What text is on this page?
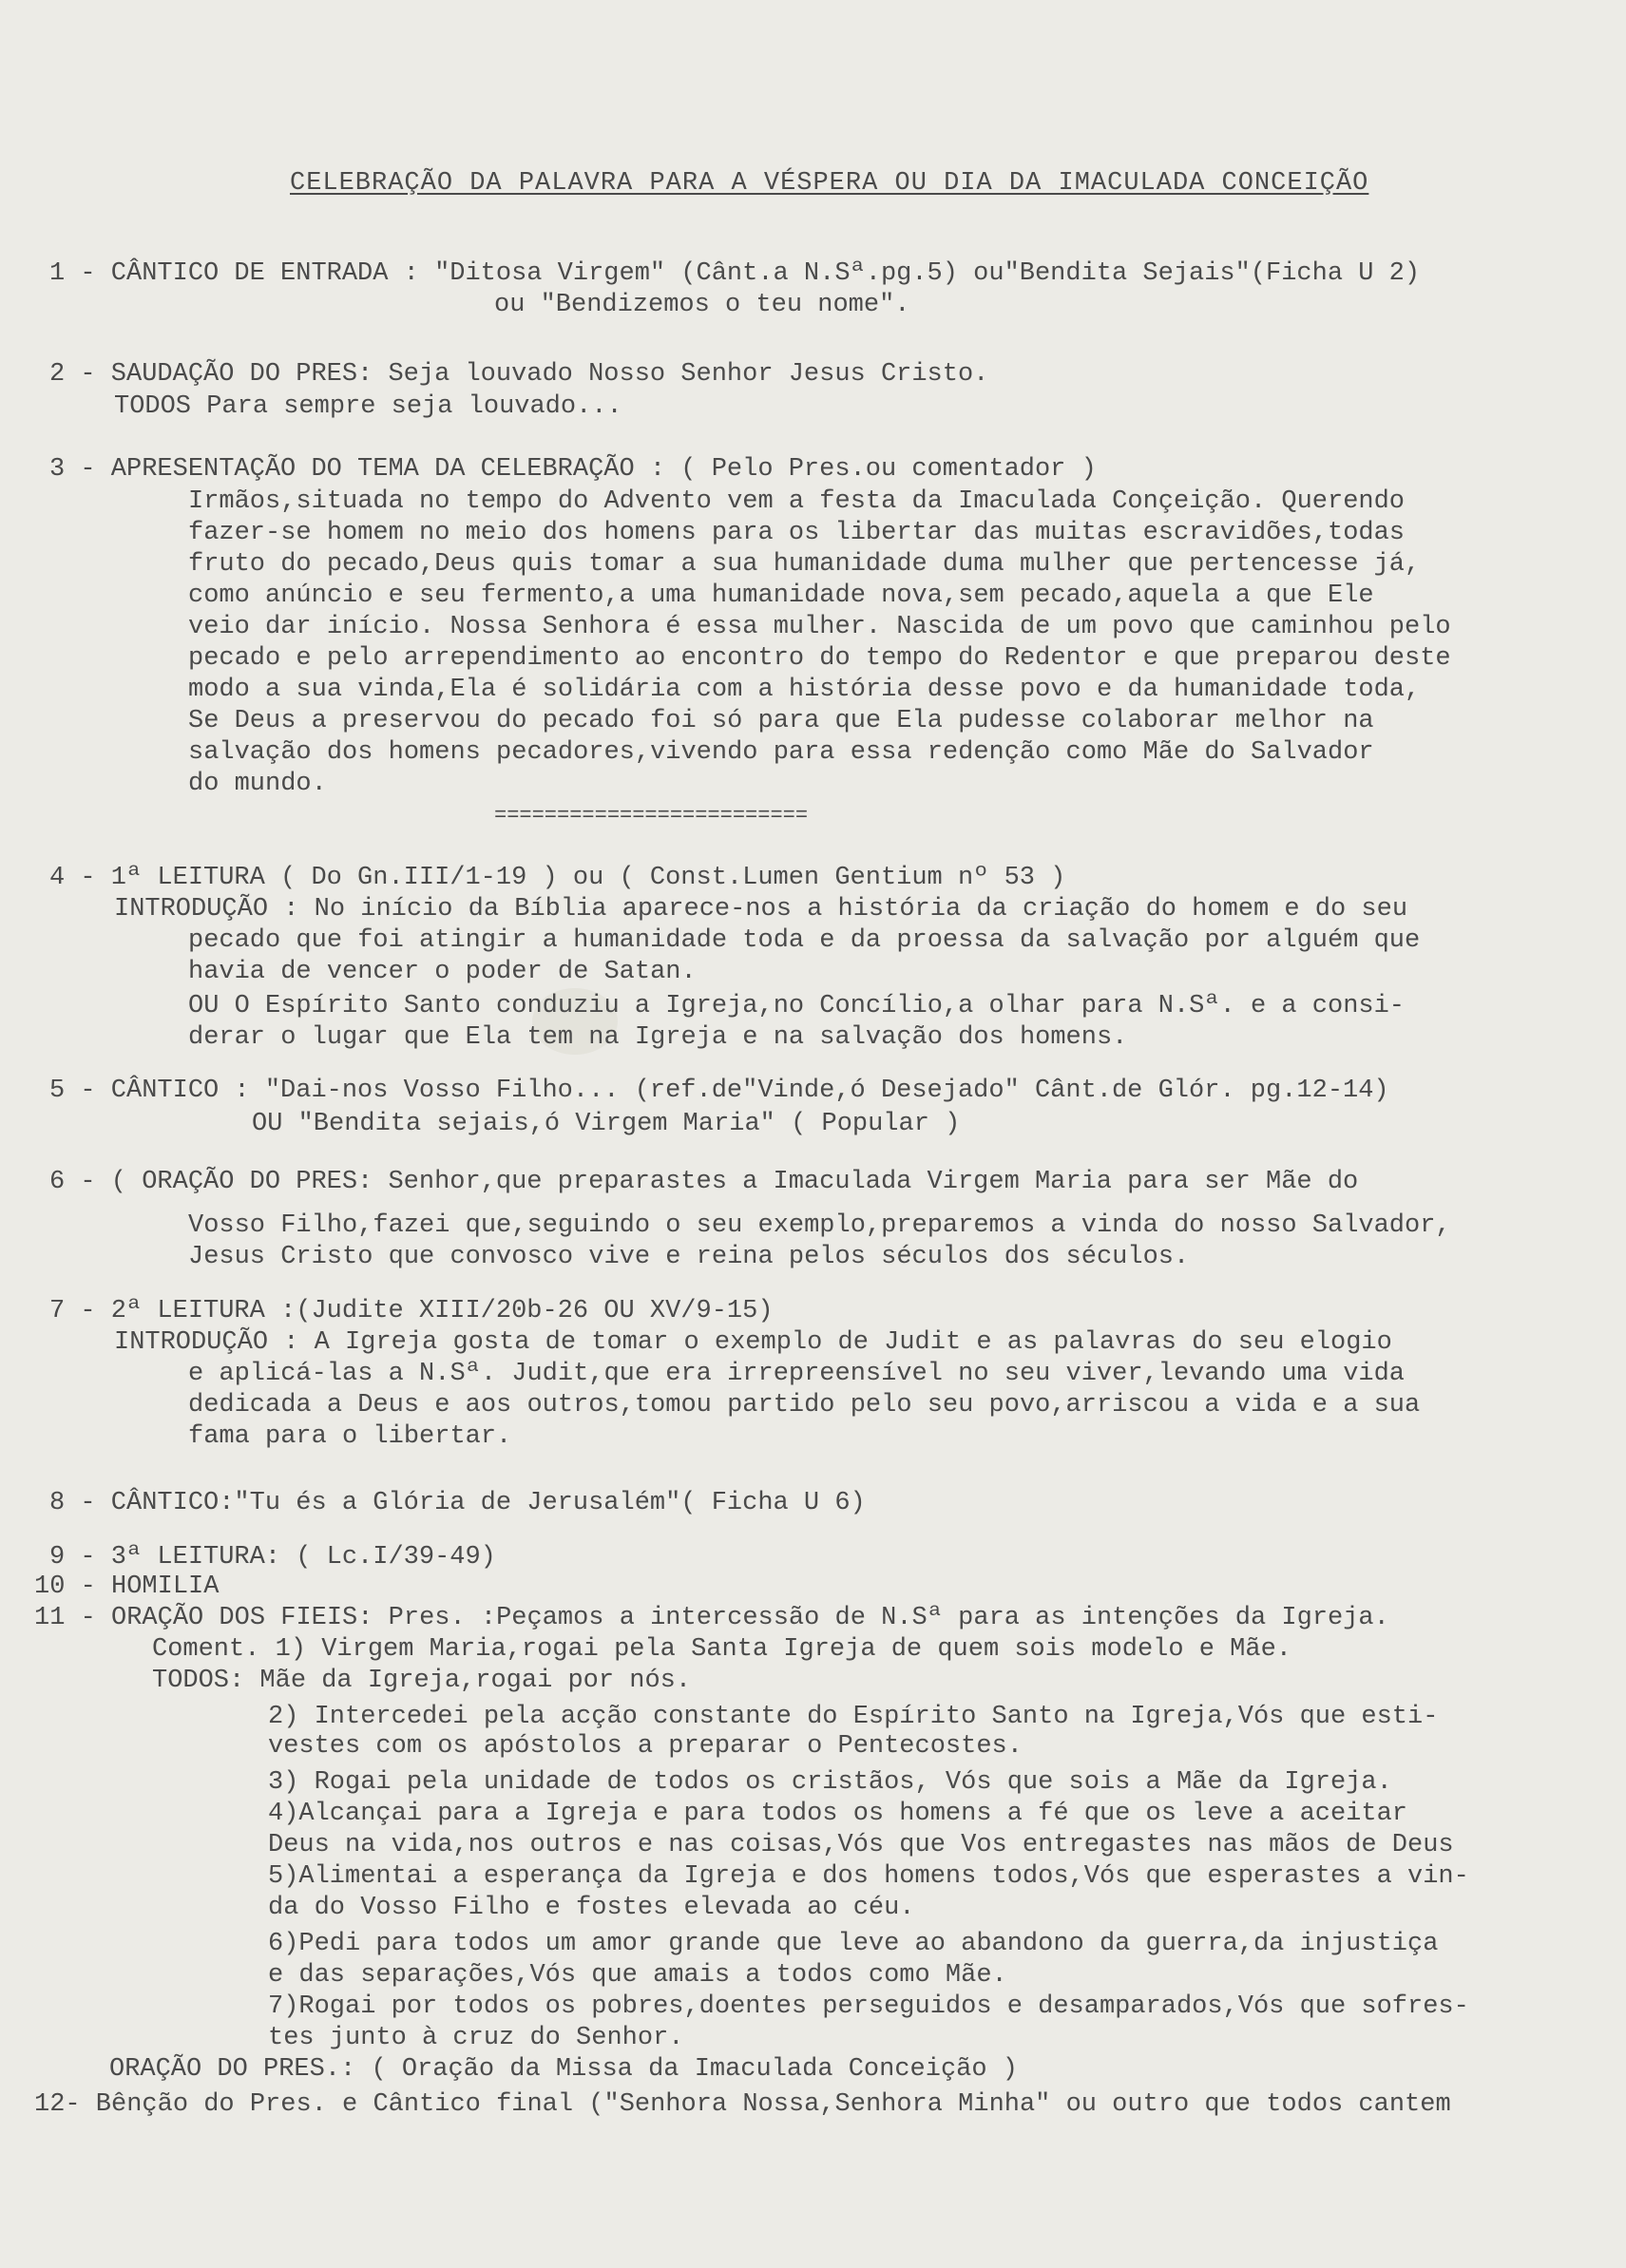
CELEBRAÇÃO DA PALAVRA PARA A VÉSPERA OU DIA DA IMACULADA CONCEIÇÃO
1 - CÂNTICO DE ENTRADA : "Ditosa Virgem" (Cânt.a N.Sª.pg.5) ou"Bendita Sejais"(Ficha U 2)
ou "Bendizemos o teu nome".
2 - SAUDAÇÃO DO PRES: Seja louvado Nosso Senhor Jesus Cristo.
TODOS Para sempre seja louvado...
3 - APRESENTAÇÃO DO TEMA DA CELEBRAÇÃO : ( Pelo Pres.ou comentador )
Irmãos,situada no tempo do Advento vem a festa da Imaculada Conçeição. Querendo
fazer-se homem no meio dos homens para os libertar das muitas escravidões,todas
fruto do pecado,Deus quis tomar a sua humanidade duma mulher que pertencesse já,
como anúncio e seu fermento,a uma humanidade nova,sem pecado,aquela a que Ele
veio dar início. Nossa Senhora é essa mulher. Nascida de um povo que caminhou pelo
pecado e pelo arrependimento ao encontro do tempo do Redentor e que preparou deste
modo a sua vinda,Ela é solidária com a história desse povo e da humanidade toda,
Se Deus a preservou do pecado foi só para que Ela pudesse colaborar melhor na
salvação dos homens pecadores,vivendo para essa redenção como Mãe do Salvador
do mundo.
4 - 1ª LEITURA ( Do Gn.III/1-19 ) ou ( Const.Lumen Gentium nº 53 )
INTRODUÇÃO : No início da Bíblia aparece-nos a história da criação do homem e do seu
pecado que foi atingir a humanidade toda e da proessa da salvação por alguém que
havia de vencer o poder de Satan.
OU O Espírito Santo conduziu a Igreja,no Concílio,a olhar para N.Sª. e a consi-
derar o lugar que Ela tem na Igreja e na salvação dos homens.
5 - CÂNTICO : "Dai-nos Vosso Filho... (ref.de"Vinde,ó Desejado" Cânt.de Glór. pg.12-14)
OU "Bendita sejais,ó Virgem Maria" ( Popular )
6 - ( ORAÇÃO DO PRES: Senhor,que preparastes a Imaculada Virgem Maria para ser Mãe do
Vosso Filho,fazei que,seguindo o seu exemplo,preparemos a vinda do nosso Salvador,
Jesus Cristo que convosco vive e reina pelos séculos dos séculos.
7 - 2ª LEITURA :(Judite XIII/20b-26 OU XV/9-15)
INTRODUÇÃO : A Igreja gosta de tomar o exemplo de Judit e as palavras do seu elogio
e aplicá-las a N.Sª. Judit,que era irrepreensível no seu viver,levando uma vida
dedicada a Deus e aos outros,tomou partido pelo seu povo,arriscou a vida e a sua
fama para o libertar.
8 - CÂNTICO:"Tu és a Glória de Jerusalém"( Ficha U 6)
9 - 3ª LEITURA: ( Lc.I/39-49)
10 - HOMILIA
11 - ORAÇÃO DOS FIEIS: Pres. :Peçamos a intercessão de N.Sª para as intenções da Igreja.
Coment. 1) Virgem Maria,rogai pela Santa Igreja de quem sois modelo e Mãe.
TODOS: Mãe da Igreja,rogai por nós.
2) Intercedei pela acção constante do Espírito Santo na Igreja,Vós que esti-
vestes com os apóstolos a preparar o Pentecostes.
3) Rogai pela unidade de todos os cristãos, Vós que sois a Mãe da Igreja.
4)Alcançai para a Igreja e para todos os homens a fé que os leve a aceitar
Deus na vida,nos outros e nas coisas,Vós que Vos entregastes nas mãos de Deus
5)Alimentai a esperança da Igreja e dos homens todos,Vós que esperastes a vin-
da do Vosso Filho e fostes elevada ao céu.
6)Pedi para todos um amor grande que leve ao abandono da guerra,da injustiça
e das separações,Vós que amais a todos como Mãe.
7)Rogai por todos os pobres,doentes perseguidos e desamparados,Vós que sofres-
tes junto à cruz do Senhor.
ORAÇÃO DO PRES.: ( Oração da Missa da Imaculada Conceição )
12- Bênção do Pres. e Cântico final ("Senhora Nossa,Senhora Minha" ou outro que todos cantem
=========================
